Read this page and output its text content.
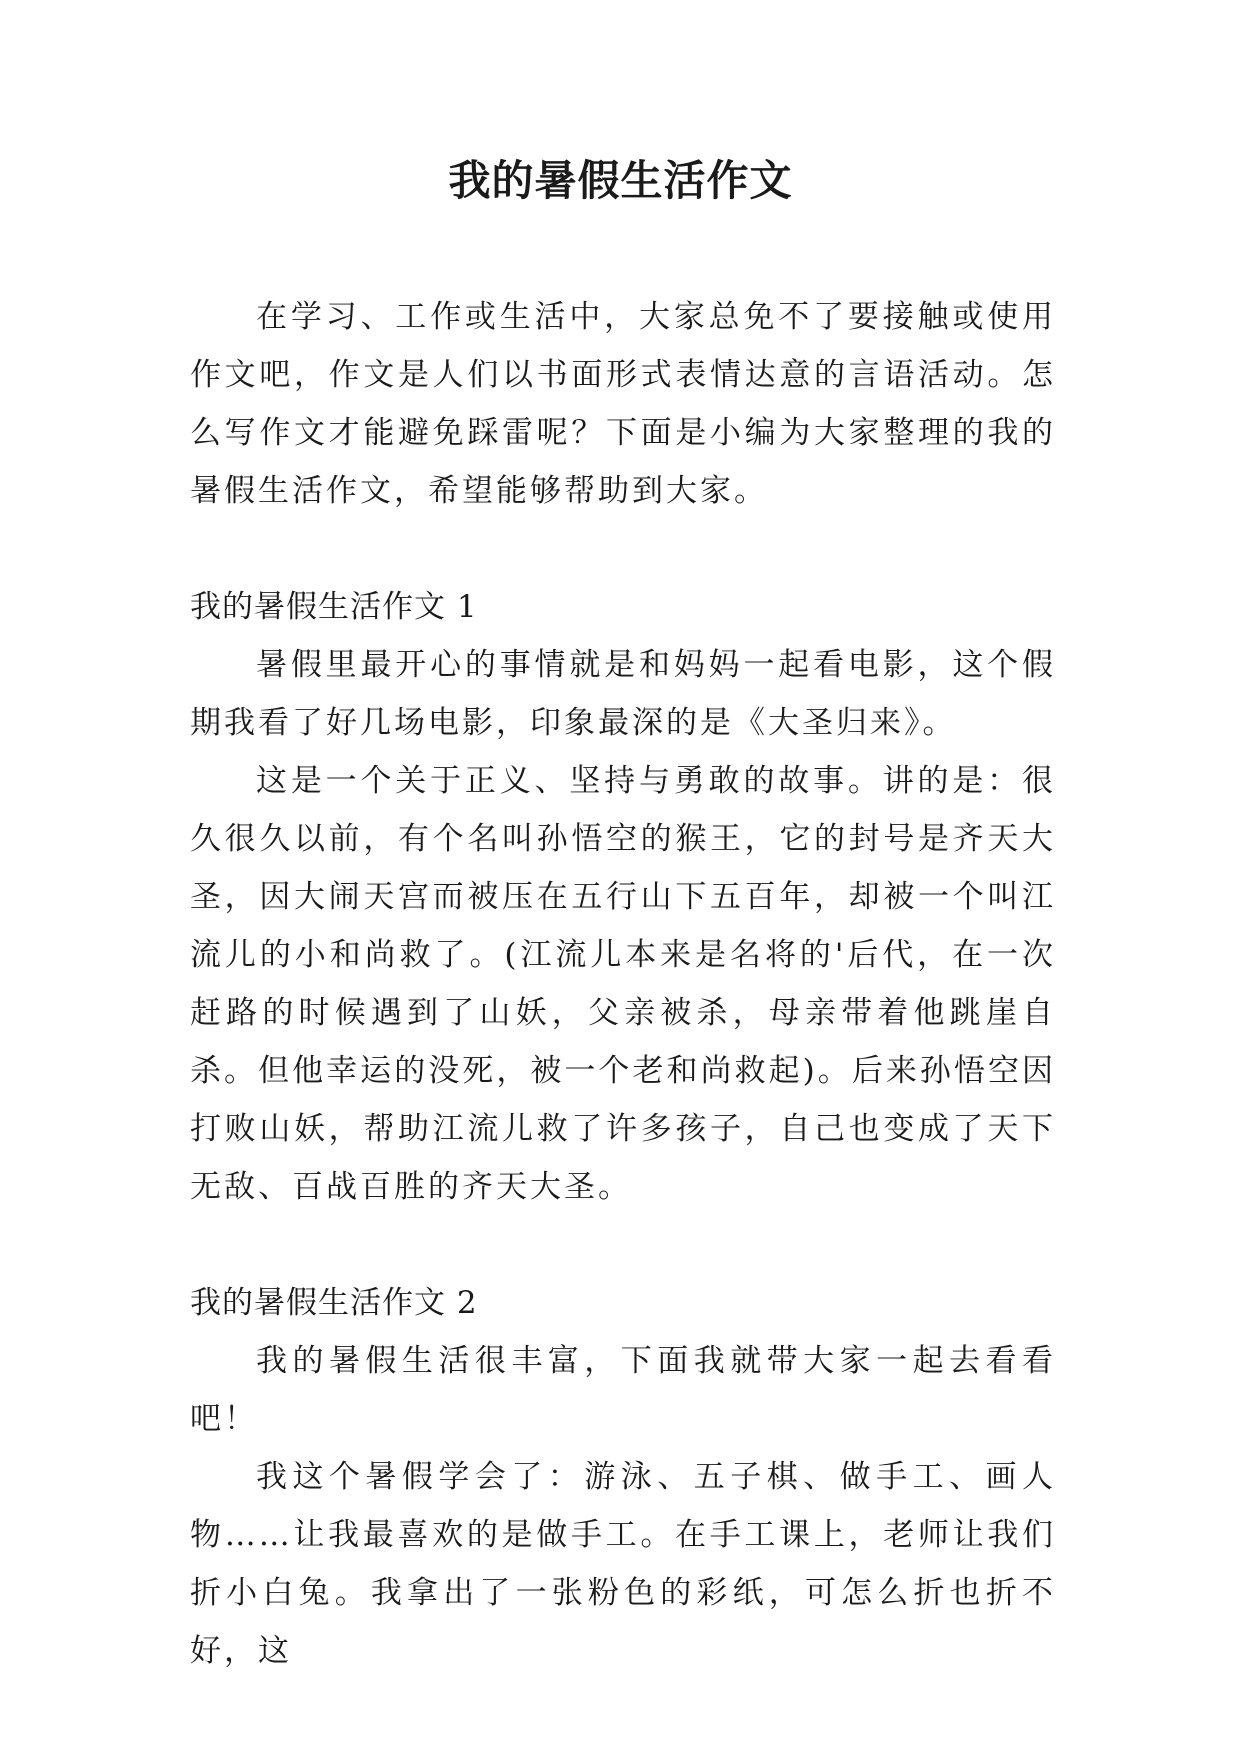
我的暑假生活作文

在学习、工作或生活中，大家总免不了要接触或使用作文吧，作文是人们以书面形式表情达意的言语活动。怎么写作文才能避免踩雷呢？下面是小编为大家整理的我的暑假生活作文，希望能够帮助到大家。

我的暑假生活作文 1

暑假里最开心的事情就是和妈妈一起看电影，这个假期我看了好几场电影，印象最深的是《大圣归来》。

这是一个关于正义、坚持与勇敢的故事。讲的是：很久很久以前，有个名叫孙悟空的猴王，它的封号是齐天大圣，因大闹天宫而被压在五行山下五百年，却被一个叫江流儿的小和尚救了。(江流儿本来是名将的'后代，在一次赶路的时候遇到了山妖，父亲被杀，母亲带着他跳崖自杀。但他幸运的没死，被一个老和尚救起)。后来孙悟空因打败山妖，帮助江流儿救了许多孩子，自己也变成了天下无敌、百战百胜的齐天大圣。

我的暑假生活作文 2

我的暑假生活很丰富，下面我就带大家一起去看看吧！

我这个暑假学会了：游泳、五子棋、做手工、画人物……让我最喜欢的是做手工。在手工课上，老师让我们折小白兔。我拿出了一张粉色的彩纸，可怎么折也折不好，这
